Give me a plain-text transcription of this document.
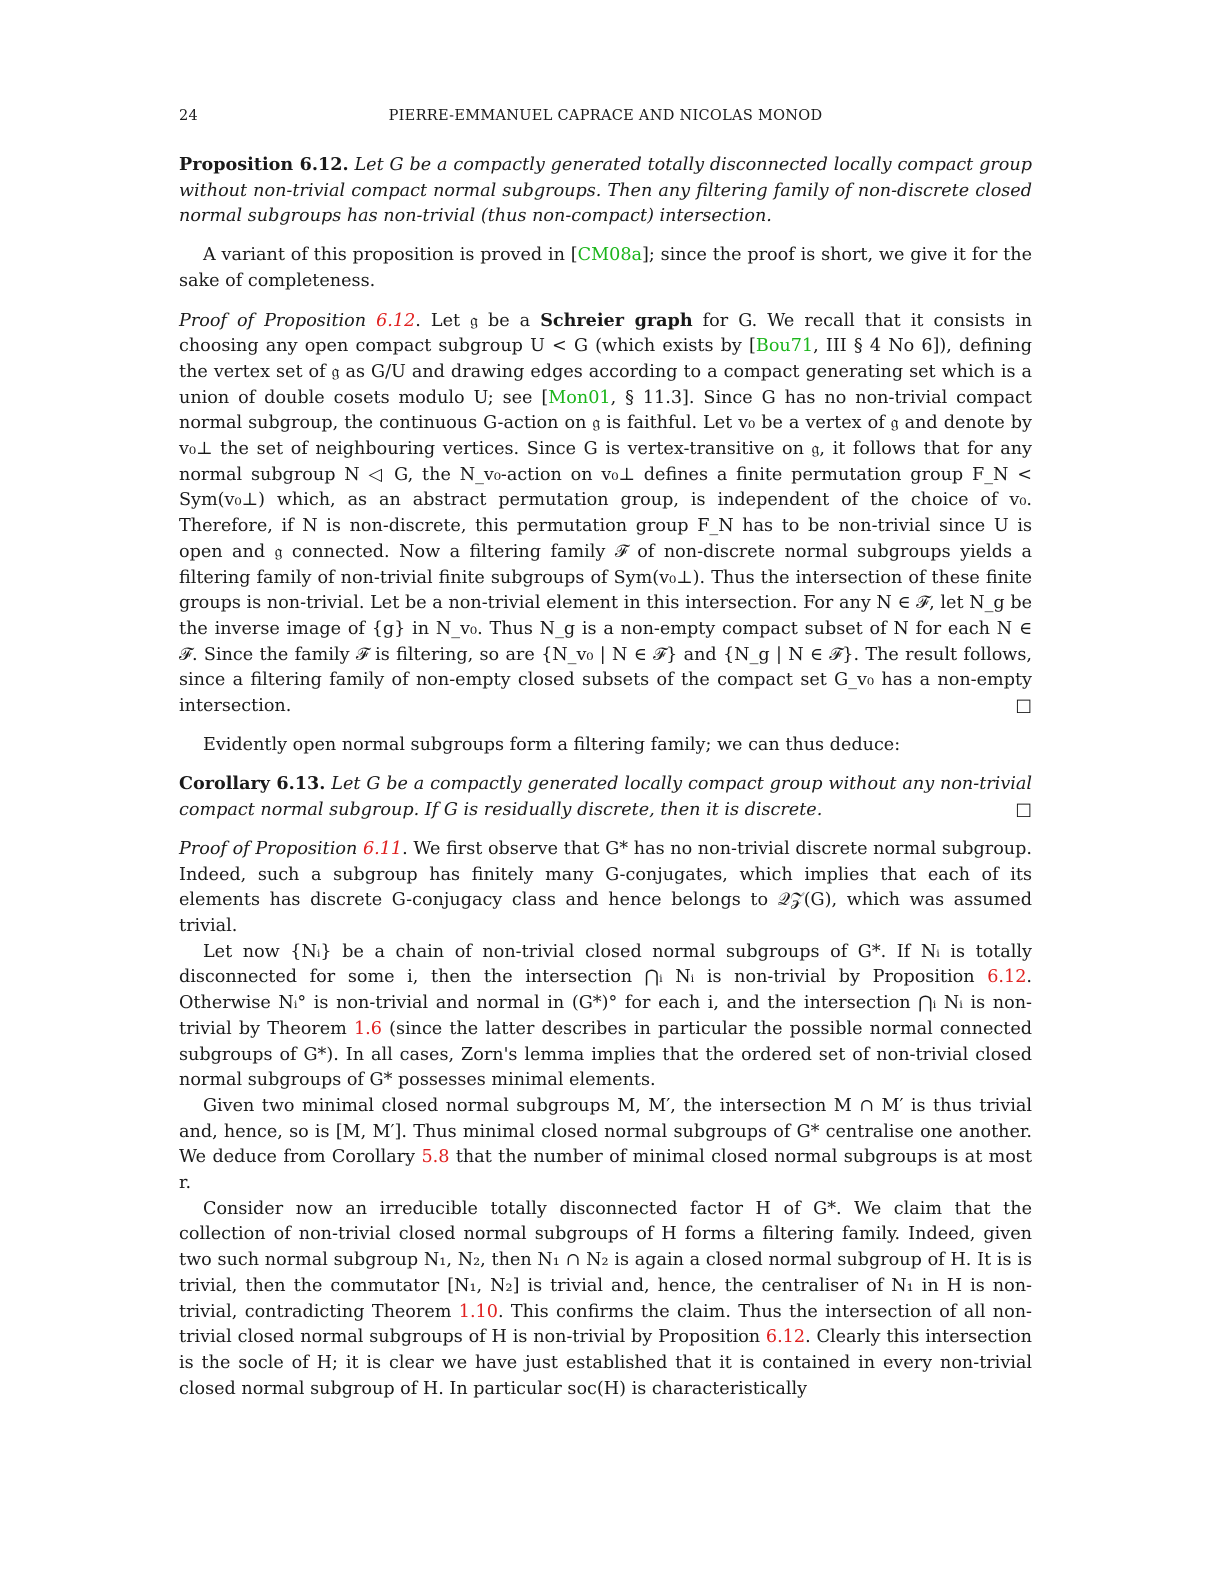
24	PIERRE-EMMANUEL CAPRACE AND NICOLAS MONOD

Proposition 6.12. Let G be a compactly generated totally disconnected locally compact group without non-trivial compact normal subgroups. Then any filtering family of non-discrete closed normal subgroups has non-trivial (thus non-compact) intersection.

A variant of this proposition is proved in [CM08a]; since the proof is short, we give it for the sake of completeness.

Proof of Proposition 6.12. Let 𝔤 be a Schreier graph for G. We recall that it consists in choosing any open compact subgroup U < G (which exists by [Bou71, III § 4 No 6]), defining the vertex set of 𝔤 as G/U and drawing edges according to a compact generating set which is a union of double cosets modulo U; see [Mon01, § 11.3]. Since G has no non-trivial compact normal subgroup, the continuous G-action on 𝔤 is faithful. Let v₀ be a vertex of 𝔤 and denote by v₀⊥ the set of neighbouring vertices. Since G is vertex-transitive on 𝔤, it follows that for any normal subgroup N ◁ G, the N_v₀-action on v₀⊥ defines a finite permutation group F_N < Sym(v₀⊥) which, as an abstract permutation group, is independent of the choice of v₀. Therefore, if N is non-discrete, this permutation group F_N has to be non-trivial since U is open and 𝔤 connected. Now a filtering family ℱ of non-discrete normal subgroups yields a filtering family of non-trivial finite subgroups of Sym(v₀⊥). Thus the intersection of these finite groups is non-trivial. Let be a non-trivial element in this intersection. For any N ∈ ℱ, let N_g be the inverse image of {g} in N_v₀. Thus N_g is a non-empty compact subset of N for each N ∈ ℱ. Since the family ℱ is filtering, so are {N_v₀ | N ∈ ℱ} and {N_g | N ∈ ℱ}. The result follows, since a filtering family of non-empty closed subsets of the compact set G_v₀ has a non-empty intersection.	□

Evidently open normal subgroups form a filtering family; we can thus deduce:

Corollary 6.13. Let G be a compactly generated locally compact group without any non-trivial compact normal subgroup. If G is residually discrete, then it is discrete.	□

Proof of Proposition 6.11. We first observe that G* has no non-trivial discrete normal subgroup. Indeed, such a subgroup has finitely many G-conjugates, which implies that each of its elements has discrete G-conjugacy class and hence belongs to 𝒬𝒵(G), which was assumed trivial.

Let now {Nᵢ} be a chain of non-trivial closed normal subgroups of G*. If Nᵢ is totally disconnected for some i, then the intersection ⋂ᵢ Nᵢ is non-trivial by Proposition 6.12. Otherwise Nᵢ° is non-trivial and normal in (G*)° for each i, and the intersection ⋂ᵢ Nᵢ is non-trivial by Theorem 1.6 (since the latter describes in particular the possible normal connected subgroups of G*). In all cases, Zorn's lemma implies that the ordered set of non-trivial closed normal subgroups of G* possesses minimal elements.

Given two minimal closed normal subgroups M, M′, the intersection M ∩ M′ is thus trivial and, hence, so is [M, M′]. Thus minimal closed normal subgroups of G* centralise one another. We deduce from Corollary 5.8 that the number of minimal closed normal subgroups is at most r.

Consider now an irreducible totally disconnected factor H of G*. We claim that the collection of non-trivial closed normal subgroups of H forms a filtering family. Indeed, given two such normal subgroup N₁, N₂, then N₁ ∩ N₂ is again a closed normal subgroup of H. It is is trivial, then the commutator [N₁, N₂] is trivial and, hence, the centraliser of N₁ in H is non-trivial, contradicting Theorem 1.10. This confirms the claim. Thus the intersection of all non-trivial closed normal subgroups of H is non-trivial by Proposition 6.12. Clearly this intersection is the socle of H; it is clear we have just established that it is contained in every non-trivial closed normal subgroup of H. In particular soc(H) is characteristically
